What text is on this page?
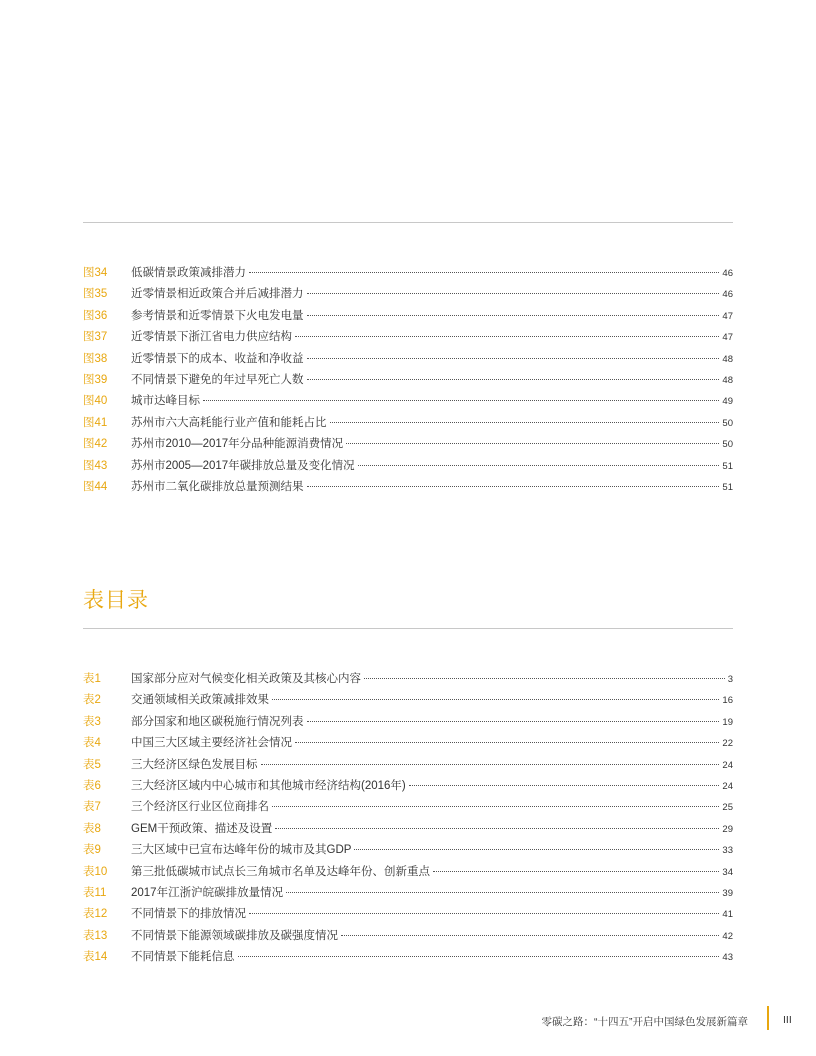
图34	低碳情景政策减排潜力	46
图35	近零情景相近政策合并后减排潜力	46
图36	参考情景和近零情景下火电发电量	47
图37	近零情景下浙江省电力供应结构	47
图38	近零情景下的成本、收益和净收益	48
图39	不同情景下避免的年过早死亡人数	48
图40	城市达峰目标	49
图41	苏州市六大高耗能行业产值和能耗占比	50
图42	苏州市2010—2017年分品种能源消费情况	50
图43	苏州市2005—2017年碳排放总量及变化情况	51
图44	苏州市二氧化碳排放总量预测结果	51
表目录
表1	国家部分应对气候变化相关政策及其核心内容	3
表2	交通领域相关政策减排效果	16
表3	部分国家和地区碳税施行情况列表	19
表4	中国三大区域主要经济社会情况	22
表5	三大经济区绿色发展目标	24
表6	三大经济区域内中心城市和其他城市经济结构(2016年)	24
表7	三个经济区行业区位商排名	25
表8	GEM干预政策、描述及设置	29
表9	三大区域中已宣布达峰年份的城市及其GDP	33
表10	第三批低碳城市试点长三角城市名单及达峰年份、创新重点	34
表11	2017年江浙沪皖碳排放量情况	39
表12	不同情景下的排放情况	41
表13	不同情景下能源领域碳排放及碳强度情况	42
表14	不同情景下能耗信息	43
零碳之路：“十四五”开启中国绿色发展新篇章	III
